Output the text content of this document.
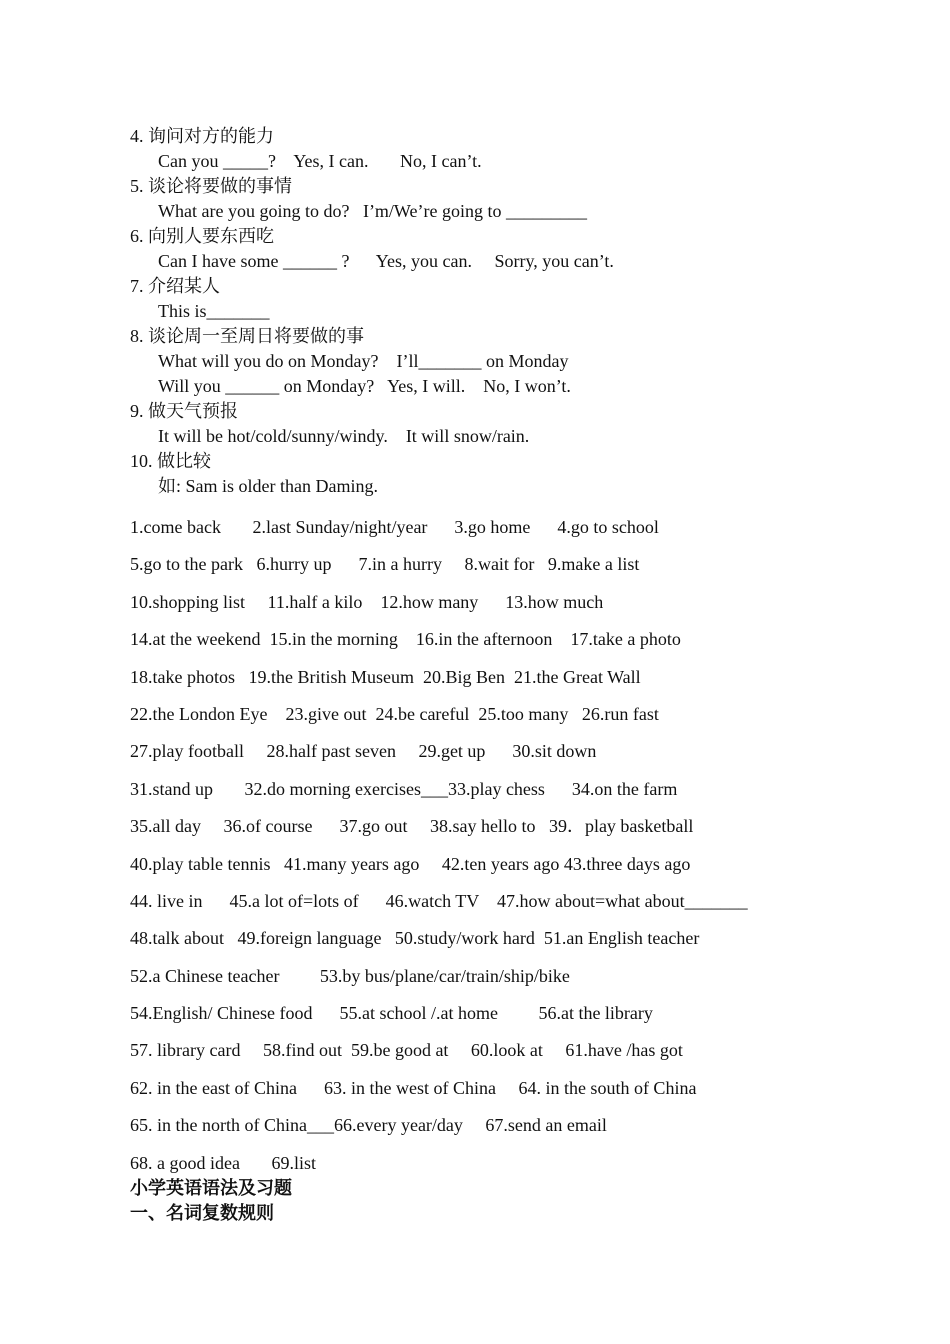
4. 询问对方的能力
Can you _____?    Yes, I can.       No, I can’t.
5. 谈论将要做的事情
What are you going to do?   I’m/We’re going to _________
6. 向别人要东西吃
Can I have some ______ ?      Yes, you can.     Sorry, you can’t.
7. 介绍某人
This is_______
8. 谈论周一至周日将要做的事
What will you do on Monday?    I’ll_______ on Monday
Will you ______ on Monday?   Yes, I will.    No, I won’t.
9. 做天气预报
It will be hot/cold/sunny/windy.    It will snow/rain.
10. 做比较
如: Sam is older than Daming.
1.come back       2.last Sunday/night/year      3.go home      4.go to school
5.go to the park   6.hurry up      7.in a hurry     8.wait for   9.make a list
10.shopping list     11.half a kilo    12.how many      13.how much
14.at the weekend  15.in the morning    16.in the afternoon    17.take a photo
18.take photos   19.the British Museum  20.Big Ben  21.the Great Wall
22.the London Eye    23.give out  24.be careful  25.too many   26.run fast
27.play football     28.half past seven     29.get up      30.sit down
31.stand up       32.do morning exercises___33.play chess      34.on the farm
35.all day     36.of course      37.go out     38.say hello to   39．play basketball
40.play table tennis   41.many years ago     42.ten years ago 43.three days ago
44. live in      45.a lot of=lots of      46.watch TV    47.how about=what about_______
48.talk about   49.foreign language   50.study/work hard  51.an English teacher
52.a Chinese teacher         53.by bus/plane/car/train/ship/bike
54.English/ Chinese food      55.at school /.at home         56.at the library
57. library card     58.find out  59.be good at     60.look at     61.have /has got
62. in the east of China      63. in the west of China     64. in the south of China
65. in the north of China___66.every year/day     67.send an email
68. a good idea       69.list
小学英语语法及习题
一、名词复数规则
